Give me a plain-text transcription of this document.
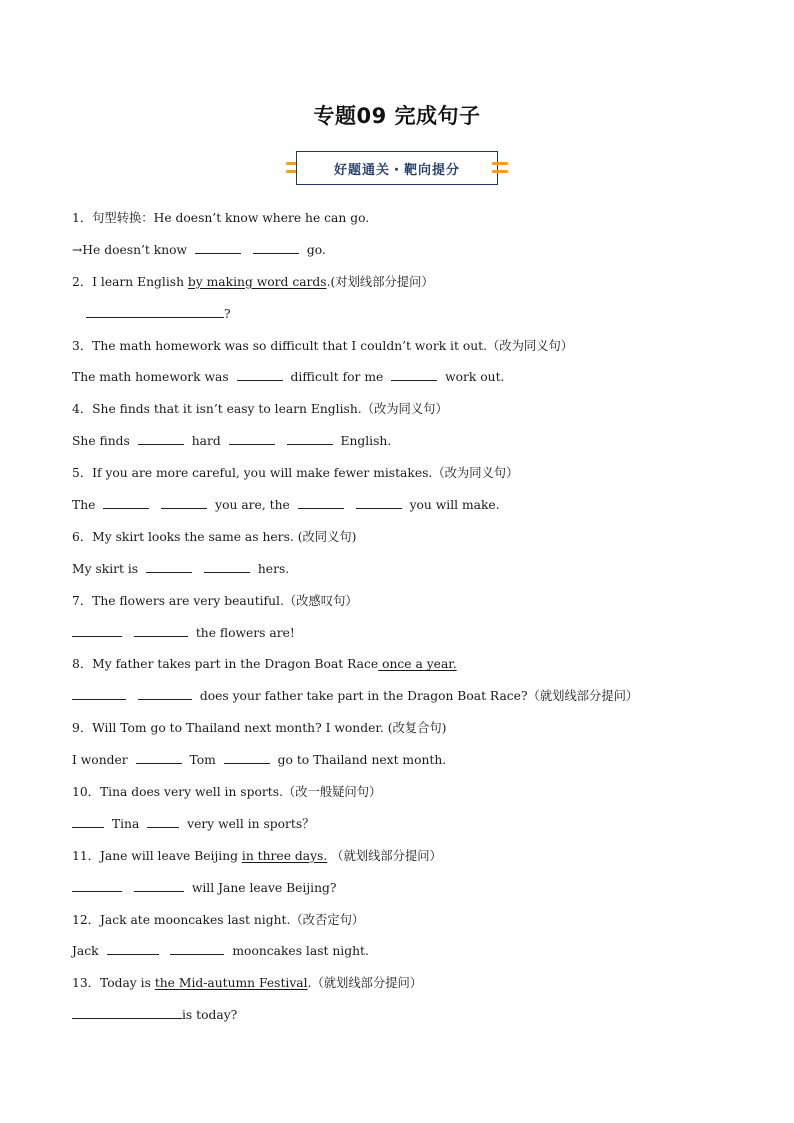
专题09 完成句子
好题通关・靶向提分
1．句型转换：He doesn’t know where he can go.
→He doesn’t know	go.
2．I learn English by making word cards.(对划线部分提问）
?
3．The math homework was so difficult that I couldn’t work it out.（改为同义句）
The math homework was	difficult for me	work out.
4．She finds that it isn’t easy to learn English.（改为同义句）
She finds	hard	English.
5．If you are more careful, you will make fewer mistakes.（改为同义句）
The	you are, the	you will make.
6．My skirt looks the same as hers. (改同义句)
My skirt is	hers.
7．The flowers are very beautiful.（改感叹句）
the flowers are!
8．My father takes part in the Dragon Boat Race once a year.
does your father take part in the Dragon Boat Race?（就划线部分提问）
9．Will Tom go to Thailand next month? I wonder. (改复合句)
I wonder	Tom	go to Thailand next month.
10．Tina does very well in sports.（改一般疑问句）
Tina	very well in sports？
11．Jane will leave Beijing in three days. （就划线部分提问）
will Jane leave Beijing?
12．Jack ate mooncakes last night.（改否定句）
Jack	mooncakes last night.
13．Today is the Mid-autumn Festival.（就划线部分提问）
is today?
